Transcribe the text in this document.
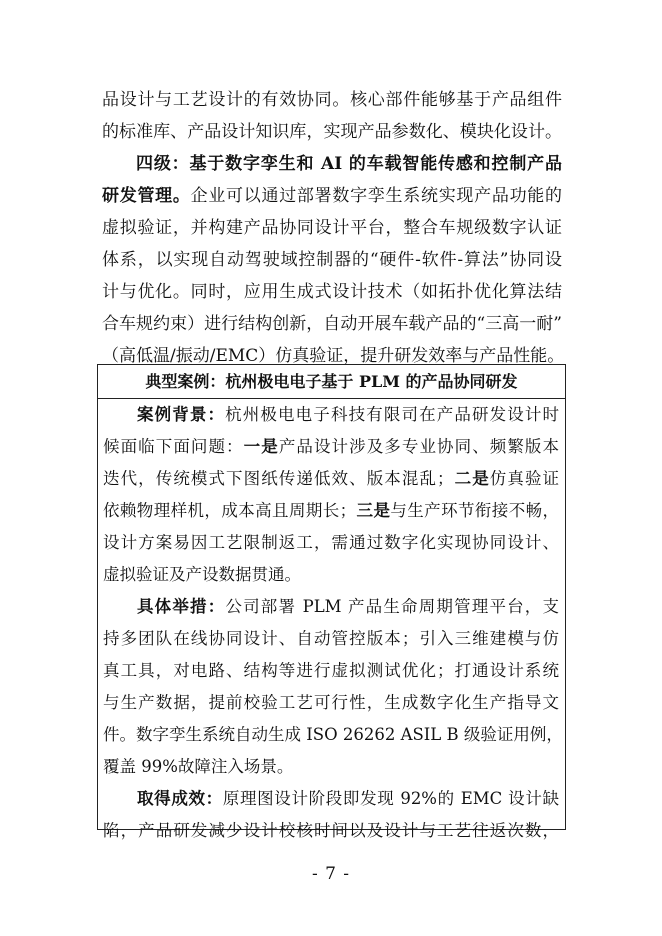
品设计与工艺设计的有效协同。核心部件能够基于产品组件
的标准库、产品设计知识库，实现产品参数化、模块化设计。
四级：基于数字孪生和 AI 的车载智能传感和控制产品
研发管理。企业可以通过部署数字孪生系统实现产品功能的
虚拟验证，并构建产品协同设计平台，整合车规级数字认证
体系，以实现自动驾驶域控制器的“硬件-软件-算法”协同设
计与优化。同时，应用生成式设计技术（如拓扑优化算法结
合车规约束）进行结构创新，自动开展车载产品的“三高一耐”
（高低温/振动/EMC）仿真验证，提升研发效率与产品性能。
典型案例：杭州极电电子基于 PLM 的产品协同研发
案例背景：杭州极电电子科技有限司在产品研发设计时
候面临下面问题：一是产品设计涉及多专业协同、频繁版本
迭代，传统模式下图纸传递低效、版本混乱；二是仿真验证
依赖物理样机，成本高且周期长；三是与生产环节衔接不畅，
设计方案易因工艺限制返工，需通过数字化实现协同设计、
虚拟验证及产设数据贯通。
具体举措：公司部署 PLM 产品生命周期管理平台，支
持多团队在线协同设计、自动管控版本；引入三维建模与仿
真工具，对电路、结构等进行虚拟测试优化；打通设计系统
与生产数据，提前校验工艺可行性，生成数字化生产指导文
件。数字孪生系统自动生成 ISO 26262 ASIL B 级验证用例，
覆盖 99%故障注入场景。
取得成效：原理图设计阶段即发现 92%的 EMC 设计缺
陷，产品研发减少设计校核时间以及设计与工艺往返次数，
- 7 -
